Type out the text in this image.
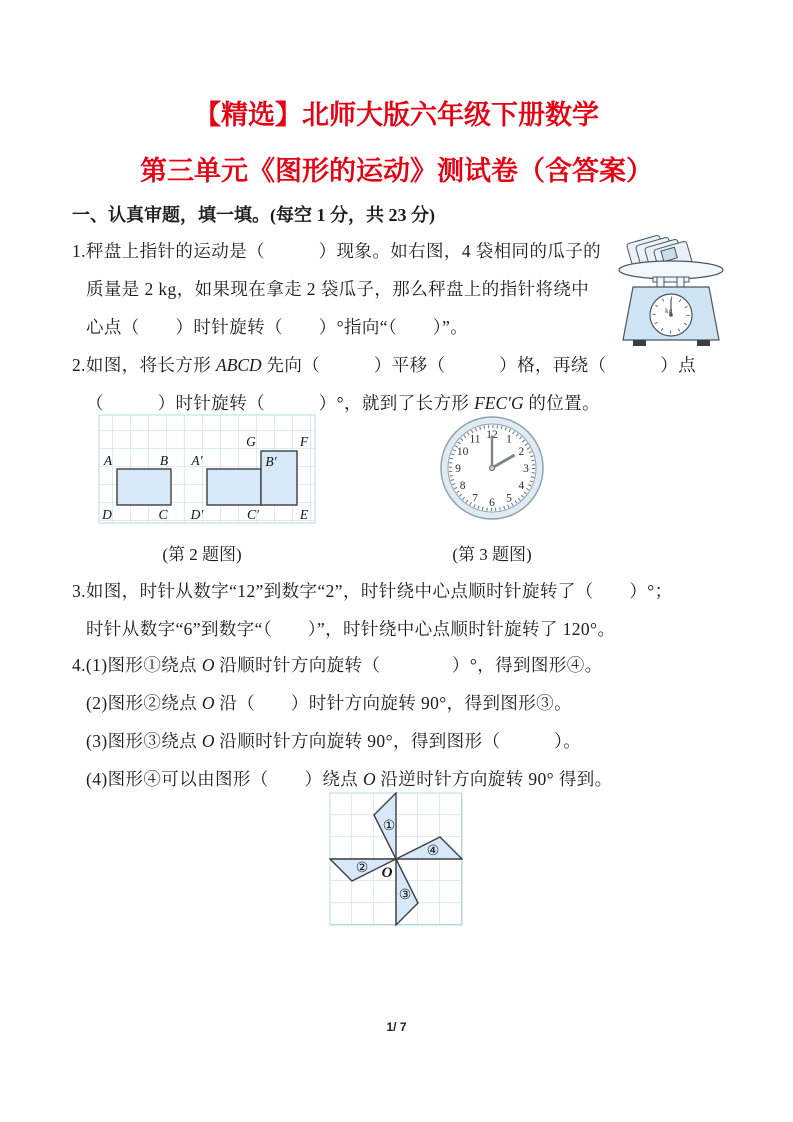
【精选】北师大版六年级下册数学
第三单元《图形的运动》测试卷（含答案）
一、认真审题，填一填。(每空 1 分，共 23 分)
1.秤盘上指针的运动是（　　　）现象。如右图，4 袋相同的瓜子的
质量是 2 kg，如果现在拿走 2 袋瓜子，那么秤盘上的指针将绕中
心点（　　）时针旋转（　　）°指向“（　　）”。
kg
2.如图，将长方形 ABCD 先向（　　　）平移（　　　）格，再绕（　　　）点
（　　　）时针旋转（　　　）°，就到了长方形 FEC′G 的位置。
A	B A′	B′
G	F
D	C D′	C′	E
12 1
2
3
4
5
6
7
8
9
10
11
(第 2 题图)	(第 3 题图)
3.如图，时针从数字“12”到数字“2”，时针绕中心点顺时针旋转了（　　）°；
时针从数字“6”到数字“（　　）”，时针绕中心点顺时针旋转了 120°。
4.(1)图形①绕点 O 沿顺时针方向旋转（　　　　）°，得到图形④。
(2)图形②绕点 O 沿（　　）时针方向旋转 90°，得到图形③。
(3)图形③绕点 O 沿顺时针方向旋转 90°，得到图形（　　　）。
(4)图形④可以由图形（　　）绕点 O 沿逆时针方向旋转 90° 得到。
①
④
②
③
O
1/ 7
